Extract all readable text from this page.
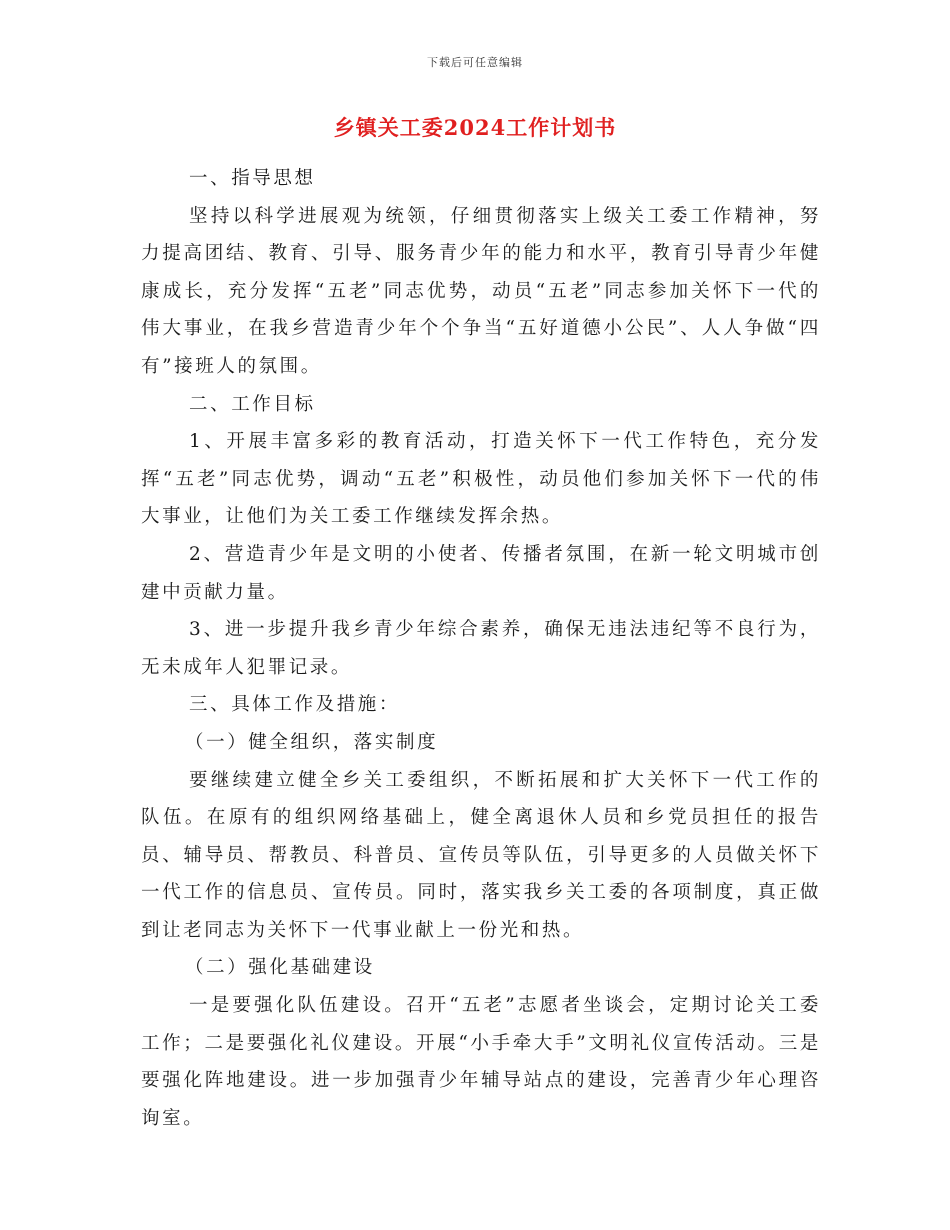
下载后可任意编辑
乡镇关工委2024工作计划书

一、指导思想

坚持以科学进展观为统领，仔细贯彻落实上级关工委工作精神，努力提高团结、教育、引导、服务青少年的能力和水平，教育引导青少年健康成长，充分发挥“五老”同志优势，动员“五老”同志参加关怀下一代的伟大事业，在我乡营造青少年个个争当“五好道德小公民”、人人争做“四有”接班人的氛围。

二、工作目标

1、开展丰富多彩的教育活动，打造关怀下一代工作特色，充分发挥“五老”同志优势，调动“五老”积极性，动员他们参加关怀下一代的伟大事业，让他们为关工委工作继续发挥余热。

2、营造青少年是文明的小使者、传播者氛围，在新一轮文明城市创建中贡献力量。

3、进一步提升我乡青少年综合素养，确保无违法违纪等不良行为，无未成年人犯罪记录。

三、具体工作及措施：

（一）健全组织，落实制度

要继续建立健全乡关工委组织，不断拓展和扩大关怀下一代工作的队伍。在原有的组织网络基础上，健全离退休人员和乡党员担任的报告员、辅导员、帮教员、科普员、宣传员等队伍，引导更多的人员做关怀下一代工作的信息员、宣传员。同时，落实我乡关工委的各项制度，真正做到让老同志为关怀下一代事业献上一份光和热。

（二）强化基础建设

一是要强化队伍建设。召开“五老”志愿者坐谈会，定期讨论关工委工作；二是要强化礼仪建设。开展“小手牵大手”文明礼仪宣传活动。三是要强化阵地建设。进一步加强青少年辅导站点的建设，完善青少年心理咨询室。
